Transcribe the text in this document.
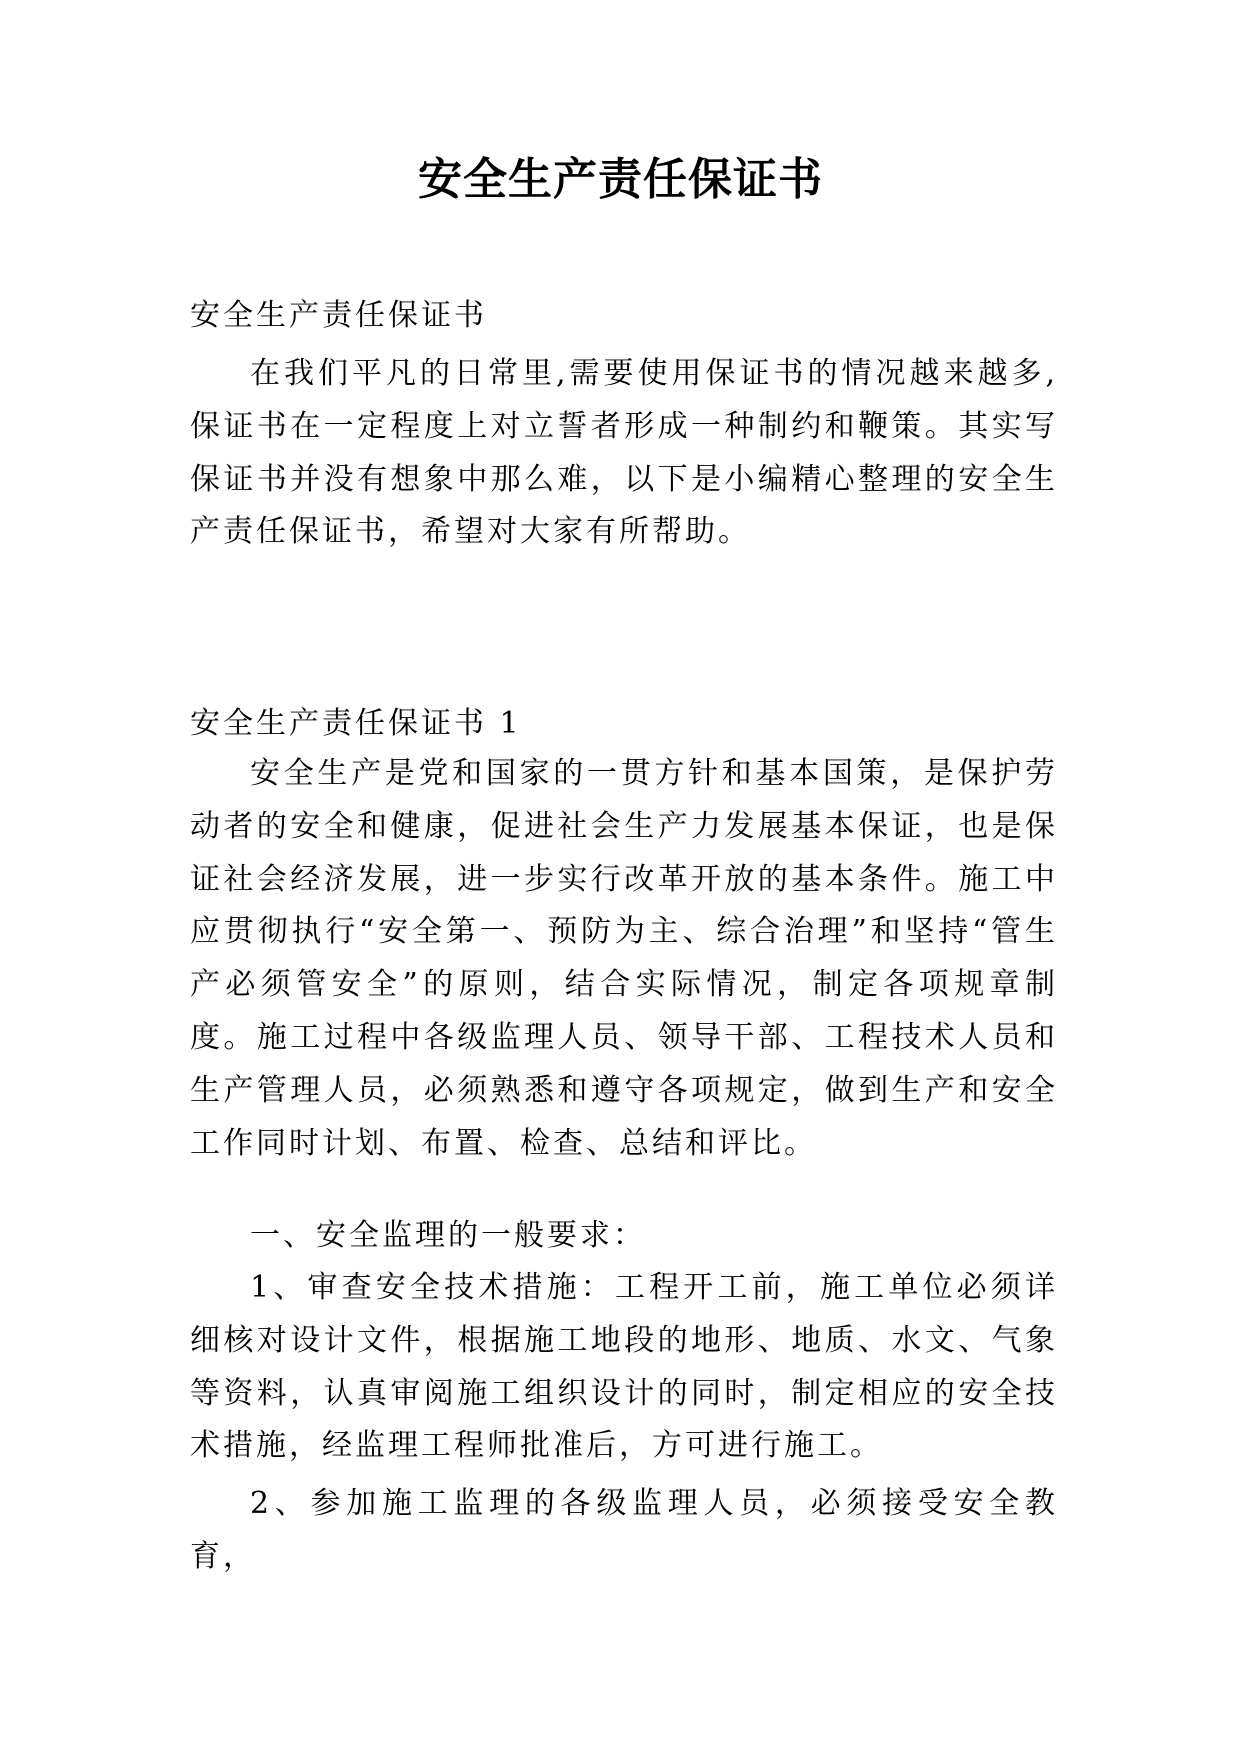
安全生产责任保证书

安全生产责任保证书

在我们平凡的日常里,需要使用保证书的情况越来越多,保证书在一定程度上对立誓者形成一种制约和鞭策。其实写保证书并没有想象中那么难，以下是小编精心整理的安全生产责任保证书，希望对大家有所帮助。

安全生产责任保证书 1

安全生产是党和国家的一贯方针和基本国策，是保护劳动者的安全和健康，促进社会生产力发展基本保证，也是保证社会经济发展，进一步实行改革开放的基本条件。施工中应贯彻执行“安全第一、预防为主、综合治理”和坚持“管生产必须管安全”的原则，结合实际情况，制定各项规章制度。施工过程中各级监理人员、领导干部、工程技术人员和生产管理人员，必须熟悉和遵守各项规定，做到生产和安全工作同时计划、布置、检查、总结和评比。

一、安全监理的一般要求：

1、审查安全技术措施：工程开工前，施工单位必须详细核对设计文件，根据施工地段的地形、地质、水文、气象等资料，认真审阅施工组织设计的同时，制定相应的安全技术措施，经监理工程师批准后，方可进行施工。

2、参加施工监理的各级监理人员，必须接受安全教育，
